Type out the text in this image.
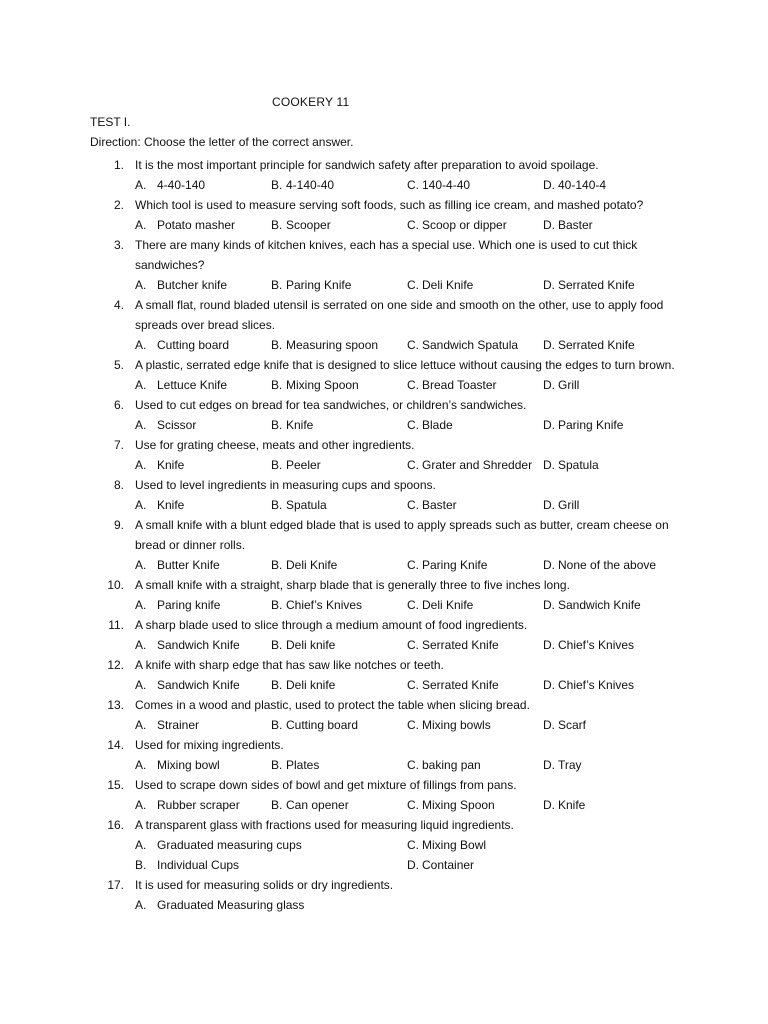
COOKERY 11
TEST I.
Direction: Choose the letter of the correct answer.
1. It is the most important principle for sandwich safety after preparation to avoid spoilage.
A. 4-40-140	B. 4-140-40	C. 140-4-40	D. 40-140-4
2. Which tool is used to measure serving soft foods, such as filling ice cream, and mashed potato?
A. Potato masher	B. Scooper	C. Scoop or dipper	D. Baster
3. There are many kinds of kitchen knives, each has a special use. Which one is used to cut thick sandwiches?
A. Butcher knife	B. Paring Knife	C. Deli Knife	D. Serrated Knife
4. A small flat, round bladed utensil is serrated on one side and smooth on the other, use to apply food spreads over bread slices.
A. Cutting board	B. Measuring spoon	C. Sandwich Spatula	D. Serrated Knife
5. A plastic, serrated edge knife that is designed to slice lettuce without causing the edges to turn brown.
A. Lettuce Knife	B. Mixing Spoon	C. Bread Toaster	D. Grill
6. Used to cut edges on bread for tea sandwiches, or children’s sandwiches.
A. Scissor	B. Knife	C. Blade	D. Paring Knife
7. Use for grating cheese, meats and other ingredients.
A. Knife	B. Peeler	C. Grater and Shredder D. Spatula
8. Used to level ingredients in measuring cups and spoons.
A. Knife	B. Spatula	C. Baster	D. Grill
9. A small knife with a blunt edged blade that is used to apply spreads such as butter, cream cheese on bread or dinner rolls.
A. Butter Knife	B. Deli Knife	C. Paring Knife	D. None of the above
10. A small knife with a straight, sharp blade that is generally three to five inches long.
A. Paring knife	B. Chief’s Knives	C. Deli Knife	D. Sandwich Knife
11. A sharp blade used to slice through a medium amount of food ingredients.
A. Sandwich Knife	B. Deli knife	C. Serrated Knife	D. Chief’s Knives
12. A knife with sharp edge that has saw like notches or teeth.
A. Sandwich Knife	B. Deli knife	C. Serrated Knife	D. Chief’s Knives
13. Comes in a wood and plastic, used to protect the table when slicing bread.
A. Strainer	B. Cutting board	C. Mixing bowls	D. Scarf
14. Used for mixing ingredients.
A. Mixing bowl	B. Plates	C. baking pan	D. Tray
15. Used to scrape down sides of bowl and get mixture of fillings from pans.
A. Rubber scraper	B. Can opener	C. Mixing Spoon	D. Knife
16. A transparent glass with fractions used for measuring liquid ingredients.
A. Graduated measuring cups	C. Mixing Bowl
B. Individual Cups	D. Container
17. It is used for measuring solids or dry ingredients.
A. Graduated Measuring glass
